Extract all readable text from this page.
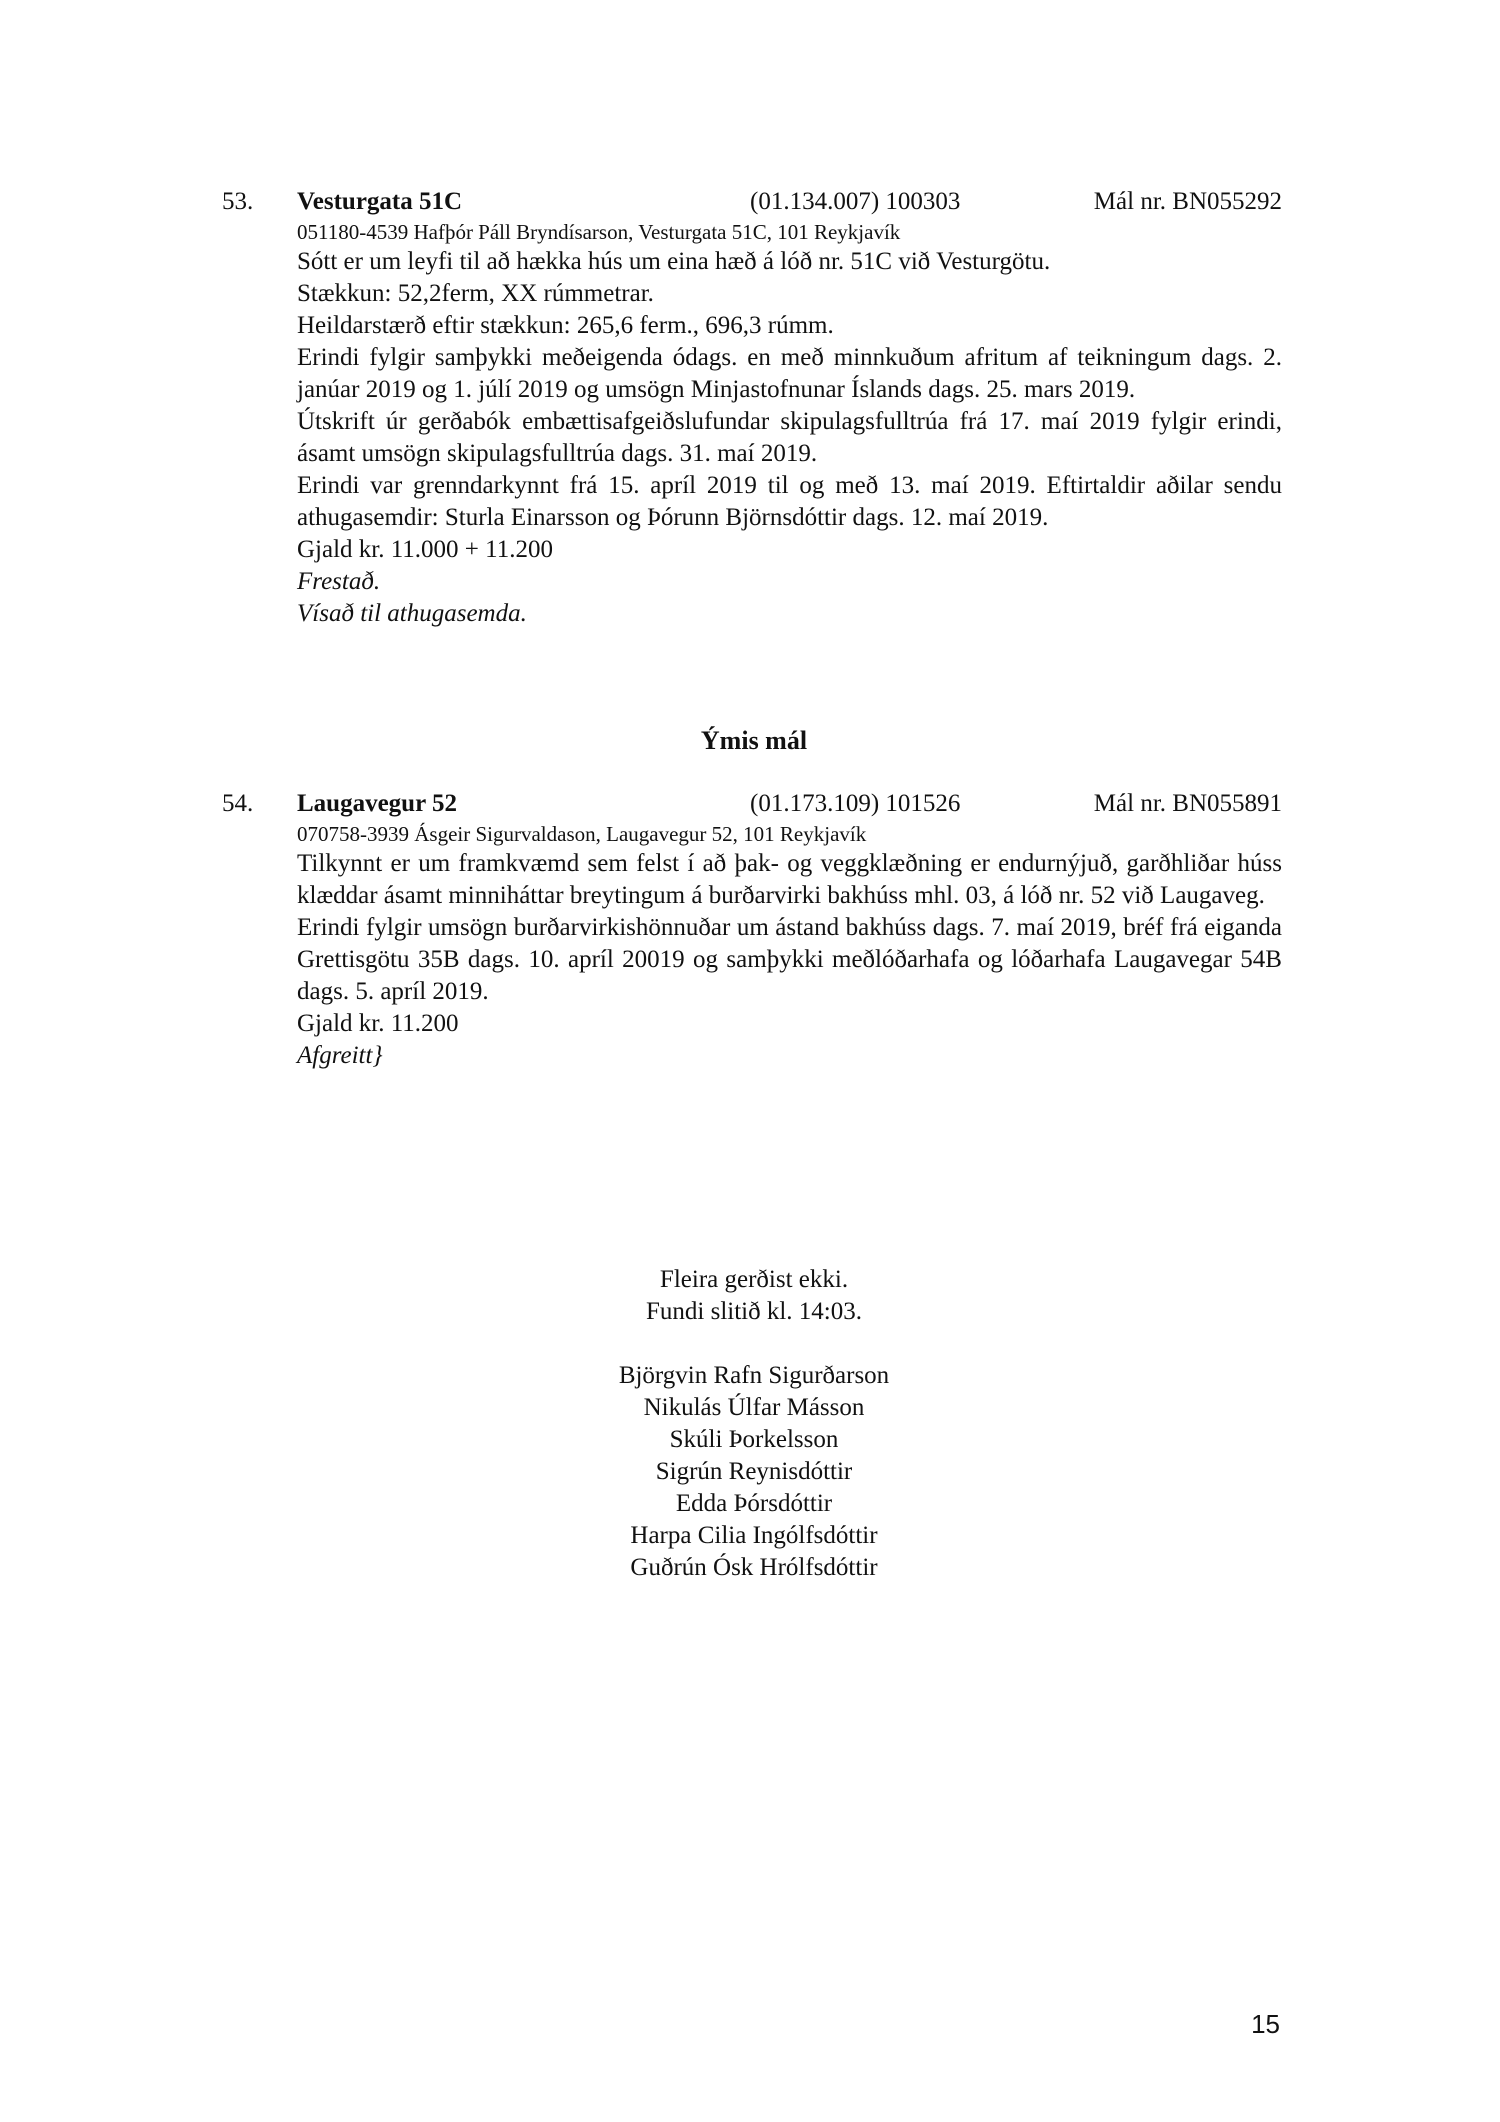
53. Vesturgata 51C	(01.134.007) 100303	Mál nr. BN055292
051180-4539 Hafþór Páll Bryndísarson, Vesturgata 51C, 101 Reykjavík

Sótt er um leyfi til að hækka hús um eina hæð á lóð nr. 51C við Vesturgötu.

Stækkun: 52,2ferm, XX rúmmetrar.

Heildarstærð eftir stækkun: 265,6 ferm., 696,3 rúmm.

Erindi fylgir samþykki meðeigenda ódags. en með minnkuðum afritum af teikningum dags. 2. janúar 2019 og 1. júlí 2019 og umsögn Minjastofnunar Íslands dags. 25. mars 2019.

Útskrift úr gerðabók embættisafgeiðslufundar skipulagsfulltrúa frá 17. maí 2019 fylgir erindi, ásamt umsögn skipulagsfulltrúa dags. 31. maí 2019.

Erindi var grenndarkynnt frá 15. apríl 2019 til og með 13. maí 2019. Eftirtaldir aðilar sendu athugasemdir: Sturla Einarsson og Þórunn Björnsdóttir dags. 12. maí 2019.

Gjald kr. 11.000 + 11.200

Frestað.

Vísað til athugasemda.

Ýmis mál
54. Laugavegur 52	(01.173.109) 101526	Mál nr. BN055891
070758-3939 Ásgeir Sigurvaldason, Laugavegur 52, 101 Reykjavík

Tilkynnt er um framkvæmd sem felst í að þak- og veggklæðning er endurnýjuð, garðhliðar húss klæddar ásamt minniháttar breytingum á burðarvirki bakhúss mhl. 03, á lóð nr. 52 við Laugaveg.

Erindi fylgir umsögn burðarvirkishönnuðar um ástand bakhúss dags. 7. maí 2019, bréf frá eiganda Grettisgötu 35B dags. 10. apríl 20019 og samþykki meðlóðarhafa og lóðarhafa Laugavegar 54B dags. 5. apríl 2019.

Gjald kr. 11.200

Afgreitt}

Fleira gerðist ekki.
Fundi slitið kl. 14:03.
Björgvin Rafn Sigurðarson
Nikulás Úlfar Másson
Skúli Þorkelsson
Sigrún Reynisdóttir
Edda Þórsdóttir
Harpa Cilia Ingólfsdóttir
Guðrún Ósk Hrólfsdóttir
15
